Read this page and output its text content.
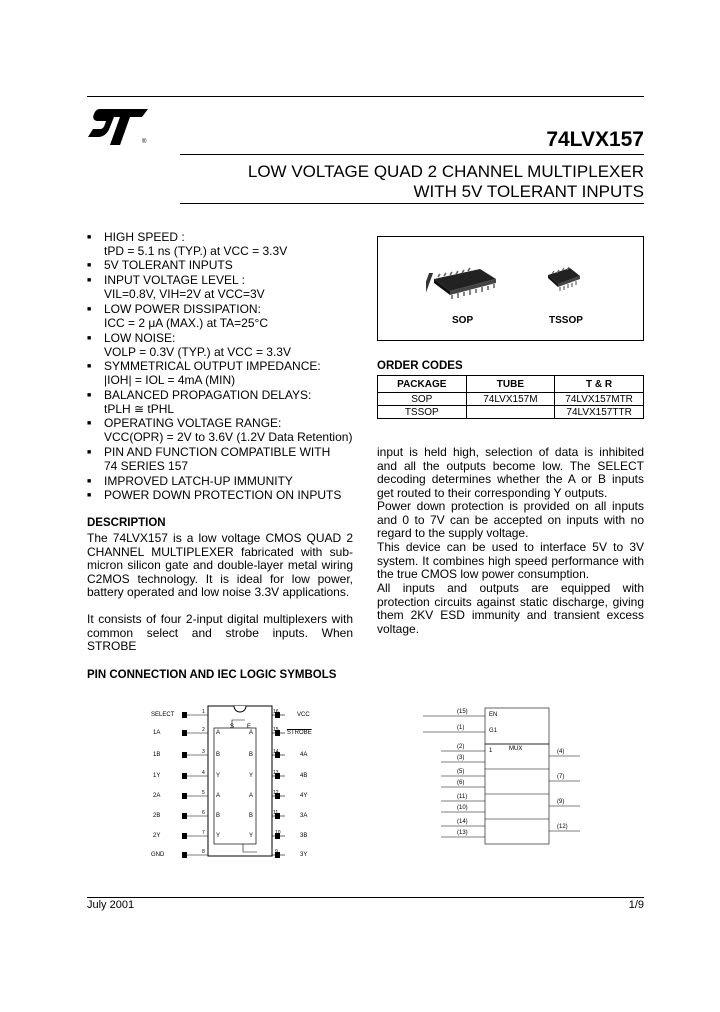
®	74LVX157
LOW VOLTAGE QUAD 2 CHANNEL MULTIPLEXER
WITH 5V TOLERANT INPUTS
■ HIGH SPEED :
tPD = 5.1 ns (TYP.) at VCC = 3.3V
■ 5V TOLERANT INPUTS
■ INPUT VOLTAGE LEVEL :
VIL=0.8V, VIH=2V at VCC=3V
■ LOW POWER DISSIPATION:
ICC = 2 μA (MAX.) at TA=25°C
■ LOW NOISE:
VOLP = 0.3V (TYP.) at VCC = 3.3V
■ SYMMETRICAL OUTPUT IMPEDANCE:
|IOH| = IOL = 4mA (MIN)
■ BALANCED PROPAGATION DELAYS:
tPLH ≅ tPHL
■ OPERATING VOLTAGE RANGE:
VCC(OPR) = 2V to 3.6V (1.2V Data Retention)
■ PIN AND FUNCTION COMPATIBLE WITH
74 SERIES 157
■ IMPROVED LATCH-UP IMMUNITY
■ POWER DOWN PROTECTION ON INPUTS
SOP	TSSOP
ORDER CODES
PACKAGE	TUBE	T & R
SOP	74LVX157M	74LVX157MTR
TSSOP		74LVX157TTR
DESCRIPTION
The 74LVX157 is a low voltage CMOS QUAD 2 CHANNEL MULTIPLEXER fabricated with sub-micron silicon gate and double-layer metal wiring C2MOS technology. It is ideal for low power, battery operated and low noise 3.3V applications.
It consists of four 2-input digital multiplexers with common select and strobe inputs. When STROBE
input is held high, selection of data is inhibited and all the outputs become low. The SELECT decoding determines whether the A or B inputs get routed to their corresponding Y outputs.
Power down protection is provided on all inputs and 0 to 7V can be accepted on inputs with no regard to the supply voltage.
This device can be used to interface 5V to 3V system. It combines high speed performance with the true CMOS low power consumption.
All inputs and outputs are equipped with protection circuits against static discharge, giving them 2KV ESD immunity and transient excess voltage.
PIN CONNECTION AND IEC LOGIC SYMBOLS
SELECT
1A
1B
1Y
2A
2B
2Y
GND
1
2
3
4
5
6
7
8
VCC
STROBE
4A
4B
4Y
3A
3B
3Y
16
15
14
13
12
11
10
9
S E
A
B
Y
A
B
Y
A
B
Y
A
B
Y
(15)
(1)
(2)
(3)
(5)
(6)
(11)
(10)
(14)
(13)
(4)
(7)
(9)
(12)
EN
G1
MUX
1
July 2001	1/9
